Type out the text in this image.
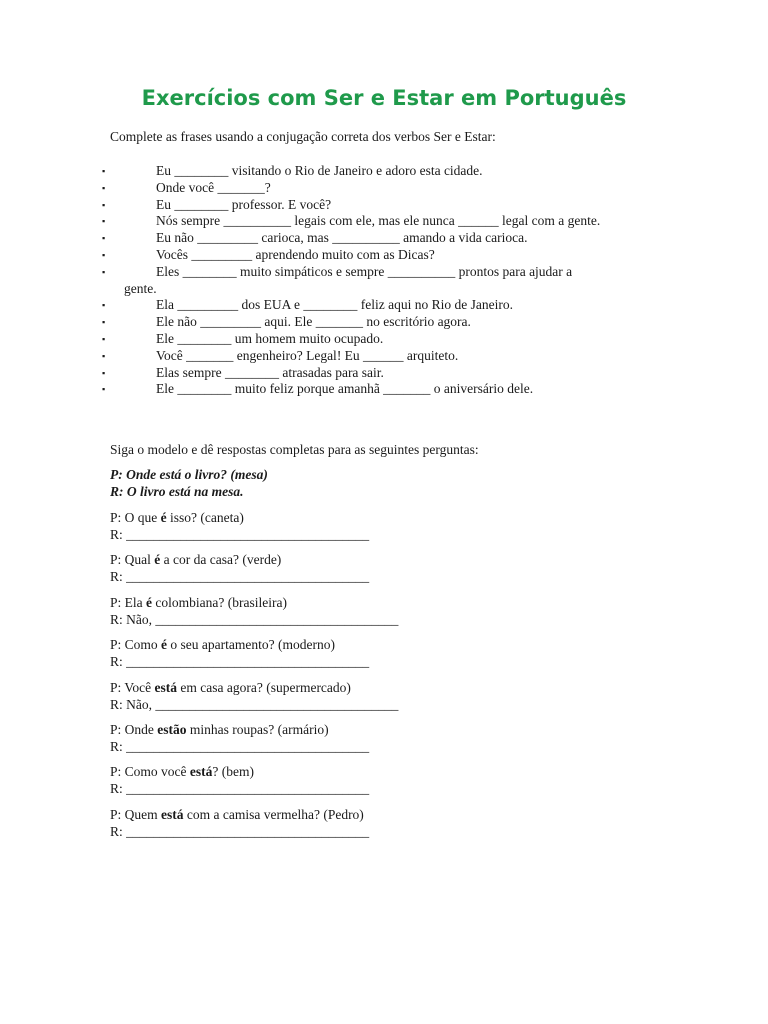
Exercícios com Ser e Estar em Português
Complete as frases usando a conjugação correta dos verbos Ser e Estar:
▪	Eu ________ visitando o Rio de Janeiro e adoro esta cidade.
▪	Onde você _______?
▪	Eu ________ professor. E você?
▪	Nós sempre __________ legais com ele, mas ele nunca ______ legal com a gente.
▪	Eu não _________ carioca, mas __________ amando a vida carioca.
▪	Vocês _________ aprendendo muito com as Dicas?
▪	Eles ________ muito simpáticos e sempre __________ prontos para ajudar a
gente.
▪	Ela _________ dos EUA e ________ feliz aqui no Rio de Janeiro.
▪	Ele não _________ aqui. Ele _______ no escritório agora.
▪	Ele ________ um homem muito ocupado.
▪	Você _______ engenheiro? Legal! Eu ______ arquiteto.
▪	Elas sempre ________ atrasadas para sair.
▪	Ele ________ muito feliz porque amanhã _______ o aniversário dele.
Siga o modelo e dê respostas completas para as seguintes perguntas:
P: Onde está o livro? (mesa)
R: O livro está na mesa.
P: O que é isso? (caneta)
R: ____________________________________
P: Qual é a cor da casa? (verde)
R: ____________________________________
P: Ela é colombiana? (brasileira)
R: Não, ____________________________________
P: Como é o seu apartamento? (moderno)
R: ____________________________________
P: Você está em casa agora? (supermercado)
R: Não, ____________________________________
P: Onde estão minhas roupas? (armário)
R: ____________________________________
P: Como você está? (bem)
R: ____________________________________
P: Quem está com a camisa vermelha? (Pedro)
R: ____________________________________
